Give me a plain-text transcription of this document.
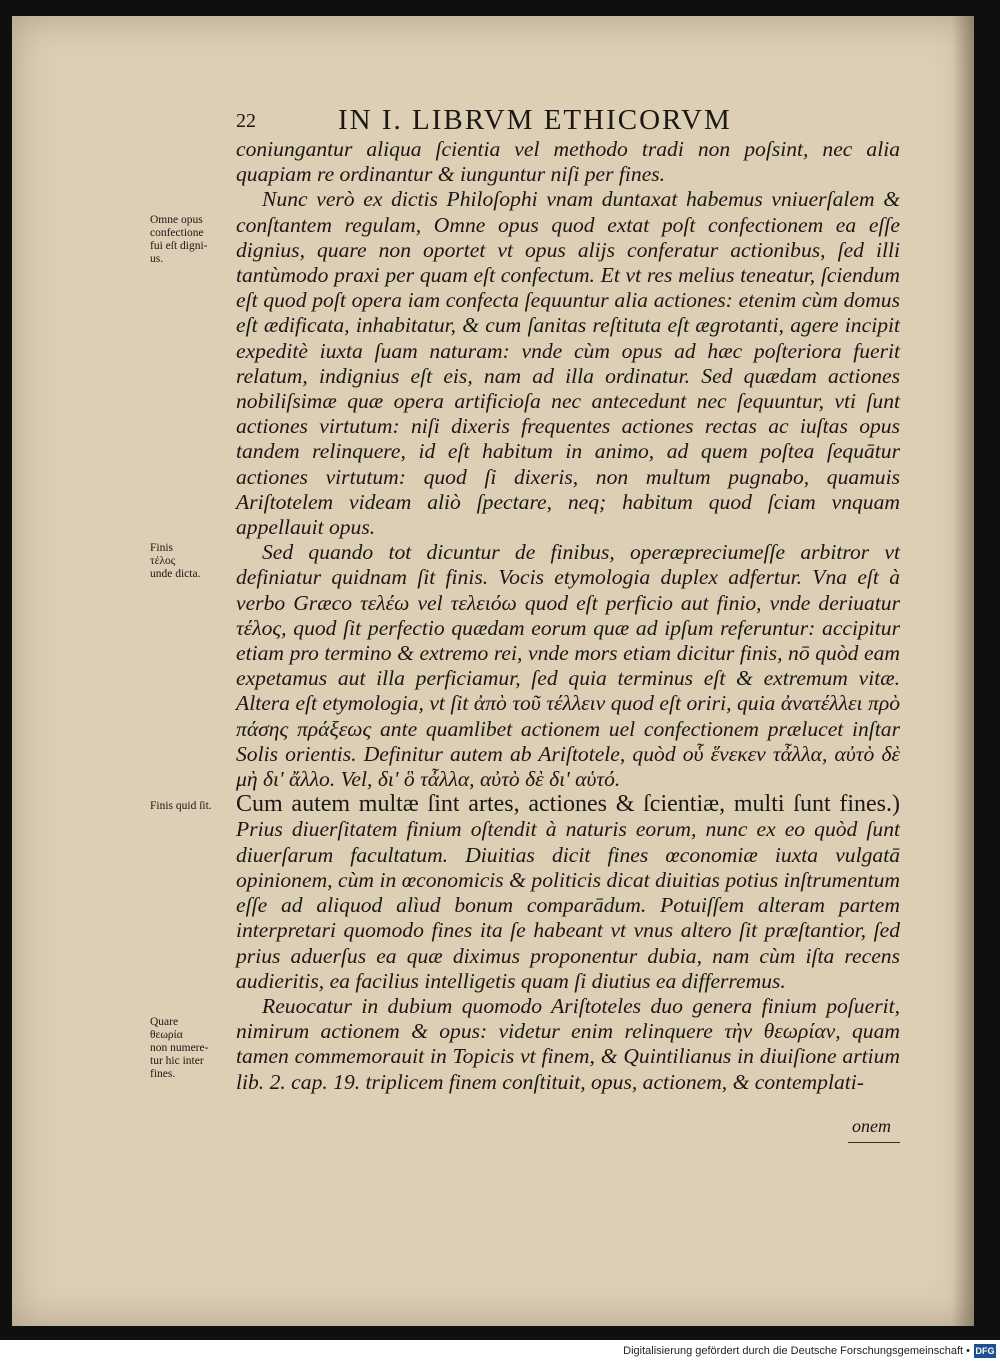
22	IN I. LIBRVM ETHICORVM

coniungantur aliqua ſcientia vel methodo tradi non poſsint, nec alia quapiam re ordinantur & iunguntur niſi per fines.

Nunc verò ex dictis Philoſophi vnam duntaxat habemus vniuerſalem & conſtantem regulam, Omne opus quod extat poſt confectionem ea eſſe dignius, quare non oportet vt opus alijs conferatur actionibus, ſed illi tantùmodo praxi per quam eſt confectum. Et vt res melius teneatur, ſciendum eſt quod poſt opera iam confecta ſequuntur alia actiones: etenim cùm domus eſt ædificata, inhabitatur, & cum ſanitas reſtituta eſt ægrotanti, agere incipit expeditè iuxta ſuam naturam: vnde cùm opus ad hæc poſteriora fuerit relatum, indignius eſt eis, nam ad illa ordinatur. Sed quædam actiones nobiliſsimæ quæ opera artificioſa nec antecedunt nec ſequuntur, vti ſunt actiones virtutum: niſi dixeris frequentes actiones rectas ac iuſtas opus tandem relinquere, id eſt habitum in animo, ad quem poſtea ſequātur actiones virtutum: quod ſi dixeris, non multum pugnabo, quamuis Ariſtotelem videam aliò ſpectare, neq; habitum quod ſciam vnquam appellauit opus.

Sed quando tot dicuntur de finibus, operæpreciumeſſe arbitror vt definiatur quidnam ſit finis. Vocis etymologia duplex adfertur. Vna eſt à verbo Græco τελέω vel τελειόω quod eſt perficio aut finio, vnde deriuatur τέλος, quod ſit perfectio quædam eorum quæ ad ipſum referuntur: accipitur etiam pro termino & extremo rei, vnde mors etiam dicitur finis, nō quòd eam expetamus aut illa perficiamur, ſed quia terminus eſt & extremum vitæ. Altera eſt etymologia, vt ſit ἀπὸ τοῦ τέλλειν quod eſt oriri, quia ἀνατέλλει πρὸ πάσης πράξεως ante quamlibet actionem uel confectionem prælucet inſtar Solis orientis. Definitur autem ab Ariſtotele, quòd οὗ ἕνεκεν τἆλλα, αὐτὸ δὲ μὴ δι' ἄλλο. Vel, δι' ὃ τἆλλα, αὐτὸ δὲ δι' αὑτό.

Cum autem multæ ſint artes, actiones & ſcientiæ, multi ſunt fines.) Prius diuerſitatem finium oſtendit à naturis eorum, nunc ex eo quòd ſunt diuerſarum facultatum. Diuitias dicit fines œconomiæ iuxta vulgatā opinionem, cùm in œconomicis & politicis dicat diuitias potius inſtrumentum eſſe ad aliquod alìud bonum comparādum. Potuiſſem alteram partem interpretari quomodo fines ita ſe habeant vt vnus altero ſit præſtantior, ſed prius aduerſus ea quæ diximus proponentur dubia, nam cùm iſta recens audieritis, ea facilius intelligetis quam ſi diutius ea differremus.

Reuocatur in dubium quomodo Ariſtoteles duo genera finium poſuerit, nimirum actionem & opus: videtur enim relinquere τὴν θεωρίαν, quam tamen commemorauit in Topicis vt finem, & Quintilianus in diuiſione artium lib. 2. cap. 19. triplicem finem conſtituit, opus, actionem, & contemplati-

onem
Omne opus
confectione
fui eſt digni-
us.
Finis
τέλος
unde dicta.
Finis quid ſit.
Quare
θεωρία
non numere-
tur hic inter
fines.
Digitalisierung gefördert durch die Deutsche Forschungsgemeinschaft • DFG
